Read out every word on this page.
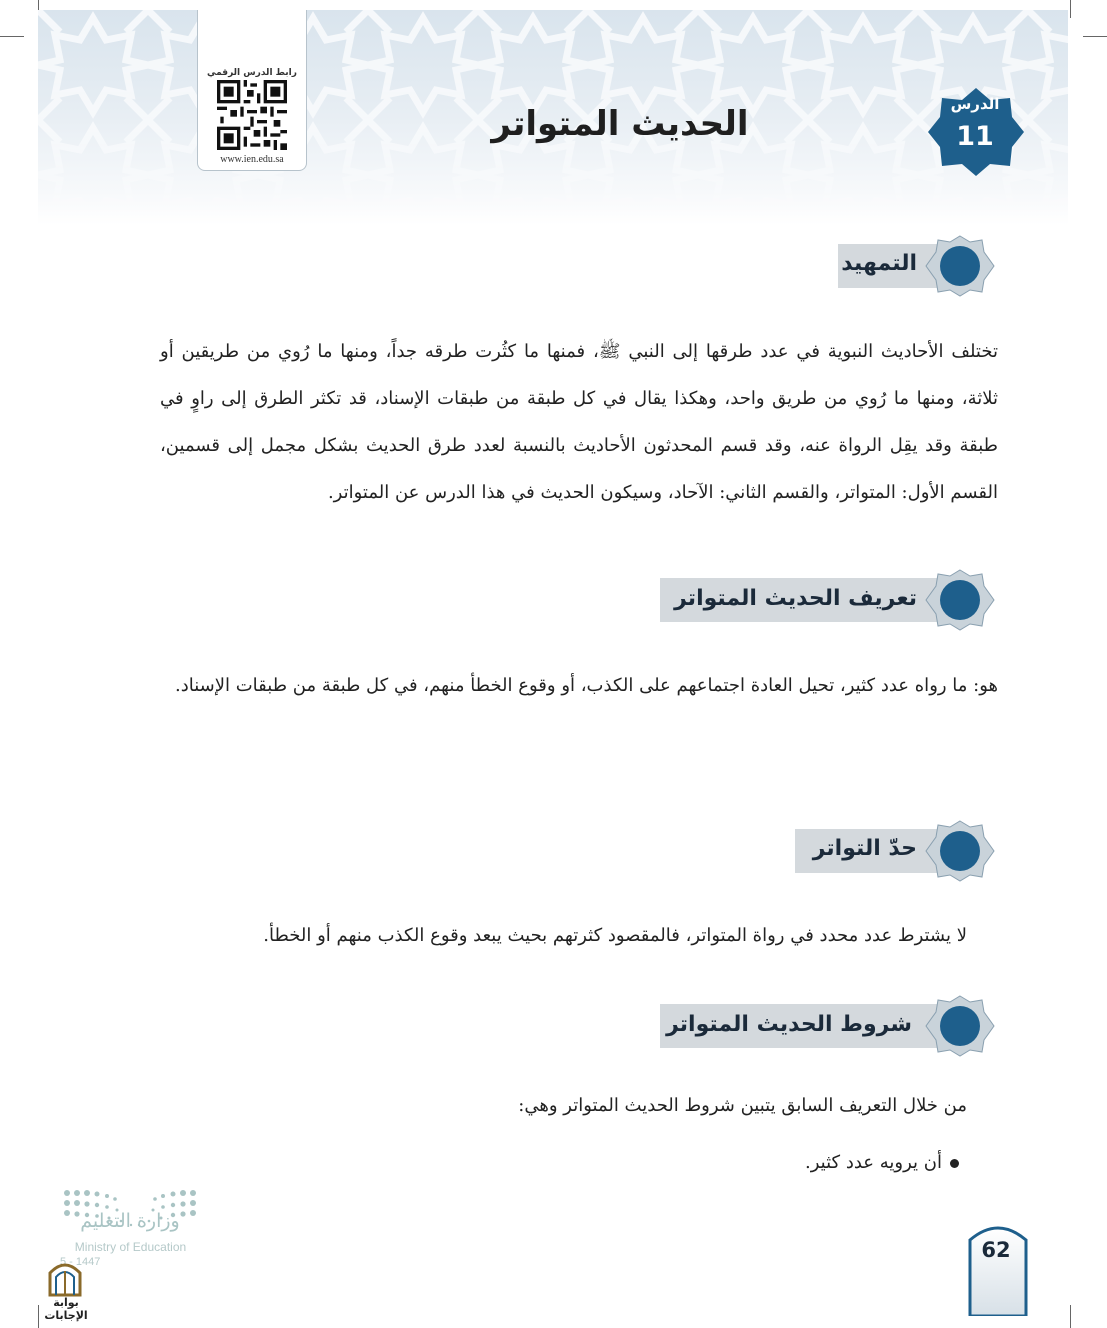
الحديث المتواتر
رابط الدرس الرقمي
www.ien.edu.sa
الدرس
11
التمهيد
تختلف الأحاديث النبوية في عدد طرقها إلى النبي ﷺ، فمنها ما كثُرت طرقه جداً، ومنها ما رُوي من طريقين أو ثلاثة، ومنها ما رُوي من طريق واحد، وهكذا يقال في كل طبقة من طبقات الإسناد، قد تكثر الطرق إلى راوٍ في طبقة وقد يقِل الرواة عنه، وقد قسم المحدثون الأحاديث بالنسبة لعدد طرق الحديث بشكل مجمل إلى قسمين، القسم الأول: المتواتر، والقسم الثاني: الآحاد، وسيكون الحديث في هذا الدرس عن المتواتر.
تعريف الحديث المتواتر
هو: ما رواه عدد كثير، تحيل العادة اجتماعهم على الكذب، أو وقوع الخطأ منهم، في كل طبقة من طبقات الإسناد.
حدّ التواتر
لا يشترط عدد محدد في رواة المتواتر، فالمقصود كثرتهم بحيث يبعد وقوع الكذب منهم أو الخطأ.
شروط الحديث المتواتر
من خلال التعريف السابق يتبين شروط الحديث المتواتر وهي:
أن يرويه عدد كثير.
وزارة التعليم
Ministry of Education
5 - 1447	62
بوابة الإجابات
